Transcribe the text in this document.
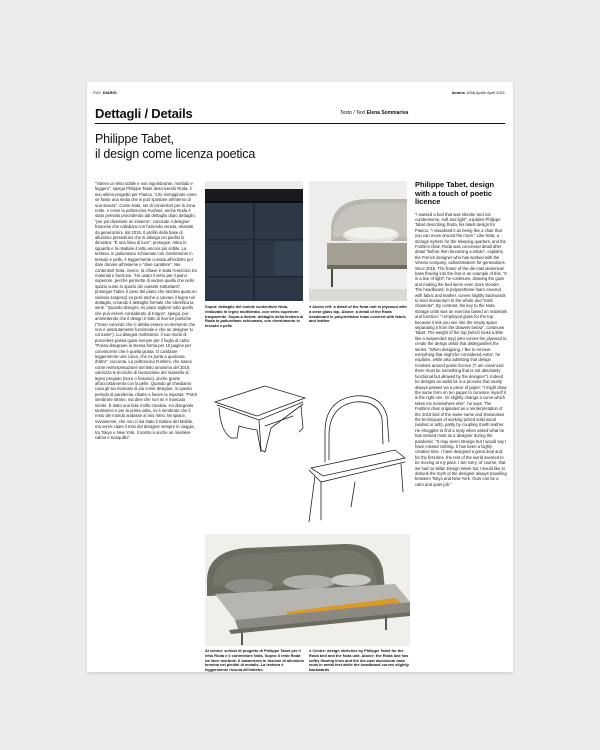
XVII DIARIO	domus 1056 Aprile April 2021
Dettagli / Details	Testo / Text Elena Sommariva
Philippe Tabet,
il design come licenza poetica

“Volevo un letto sottile e non ingombrante, morbido e leggero”, spiega Philippe Tabet descrivendo Roda, il suo ultimo progetto per Pianca. “Lho immaginato come se fosse una sedia che si può spostare all'interno di una stanza”. Come Nota, set di contenitori per la zona notte, e come la poltroncina Fushimi, anche Roda è stato pensato procedendo dal dettaglio dopo dettaglio, “per poi diventare un insieme”, conclude il designer francese che collabora con l'azienda veneta, ebanisti da generazioni, dal 2015. Il profilo della base di alluminio pressofuso che si allunga nei piedini lo dimostra: “È una linea di luce”, prosegue. Attira lo sguardo e fa risaltare il letto ancora più sottile. La testiera, in poliuretano schiumato con rivestimento in tessuto e pelle, è leggermente curvata all'indietro per dare donare all'insieme e “dare carattere”. Nei contenitori Nota, invece, la chiave è stata l'esercizio tra materiali e funzione. “Ho usato il vetro per il piano superiore, perché permette di vedere quello che nello spazio vuoto lo spazio dei cassetti sottostanti”, prosegue Tabet. Il peso del piano che sembra quasi un vassoio sospeso) va però anche a curvare il legno nel dettaglio, creando il dettaglio formale che identifica la serie. “Quando disegno, mi piace togliere tutto quello che può essere considerato di troppo”, spiega, pur ammettendo che il design è fatto di licenze poetiche (“Sono convinto che ci debba essere un elemento che non è assolutamente funzionale e che un designer si concede”). Lui disegna moltissimo: il suo modo di procedere passa quasi sempre per il foglio di carta: “Posso disegnare la stessa forma per 10 pagine per convincermi che è quella giusta. O cambiare leggermente una curva, che mi porta a qualcosa d'altro”, racconta. La poltroncina Fushimi, che nasce come reinterpretazione del letto omonimo del 2019, valorizza le tecniche di lavorazione del massello di legno pregiato (noce o frassino), anche grazie all'accostamento con la pelle. Quando gli chiediamo cosa gli sia mancato di più come designer, in questo periodo di pandemia, ribatte a favore la risposta: “Potrò sembrare strano, ma direi che non mi è mancato niente. È stato una fase molto creativa. Ho disegnato tantissimo e per la prima volta, mi è sembrato che il resto del mondo andasse al mio ritmo. Mi spiace, ovviamente, che non ci sia stato il Salone del Mobile, ma vorrei citare il mito del designer sempre in viaggio tra Tokyo e New York. Il nostro è anche un mestiere calmo e tranquillo”.

Sopra: dettaglio del mobile contenitore Nota, realizzato in legno multistrato, con vetro superiore trasparente. Sopra a destra: dettaglio della testiera di Roda in poliuretano schiumato, con rivestimento in tessuto e pelle
● Above left: a detail of the Nota unit in plywood with a clear glass top. Above: a detail of the Roda headboard in polyurethane foam covered with fabric and leather
Al centro: schizzi di progetto di Philippe Tabet per il letto Roda e il contenitore Nota. Sopra: il letto Roda ha linee morbide. Il basamento in fusione di alluminio termina nei piedini di metallo. La testiera è leggermente ricurva all'indietro
● Centre: design sketches by Philippe Tabet for the Roda bed and the Nota unit. Above: the Roda bed has softly flowing lines and the die-cast aluminium base ends in metal feet while the headboard curves slightly backwards
Philippe Tabet, design with a touch of poetic licence

“I wanted a bed that was slender and not cumbersome, soft and light”, explains Philippe Tabet describing Roda, his latest design for Pianca. “I visualised it as being like a chair that you can move around the room.” Like Nota, a storage system for the sleeping quarters, and the Fushimi chair, Roda was conceived detail after detail “before then becoming a whole”, explains the French designer who has worked with the Veneto company, cabinetmakers for generations, since 2015. The frame of the die-cast aluminium base flowing into the feet is an example of this. “It is a line of light”, he continues, drawing the gaze and making the bed seem even more slender. The headboard, in polyurethane foam covered with fabric and leather, curves slightly backwards to lend momentum to the whole and “instil character”. By contrast, the key to the Nota storage units was an exercise based on materials and function: “I employed glass for the top because it lets you see into the empty space separating it from the drawers below”, continues Tabet. The weight of the top (which looks a little like a suspended tray) also curves the plywood to create the design detail that distinguishes the series. “When designing, I like to remove everything that might be considered extra”, he explains, while also admitting that design revolves around poetic licence (“I am convinced there must be something that is not absolutely functional but allowed by the designer”). Indeed he designs an awful lot in a process that nearly always passes via a piece of paper: “I might draw the same form on ten pages to convince myself it is the right one. Or slightly change a curve which takes me somewhere else”, he says. The Fushimi chair originated as a reinterpretation of the 2019 bed of the same name and showcases the techniques of working prized solid wood (walnut or ash), partly by coupling it with leather. He struggles to find a reply when asked what he has missed most as a designer during the pandemic. “It may seem strange but I would say I have missed nothing. It has been a highly creative time. I have designed a great deal and, for the first time, the rest of the world seemed to be moving at my pace. I am sorry, of course, that we had no Milan Design Week but I would like to debunk the myth of the designer always travelling between Tokyo and New York. Ours can be a calm and quiet job.”
